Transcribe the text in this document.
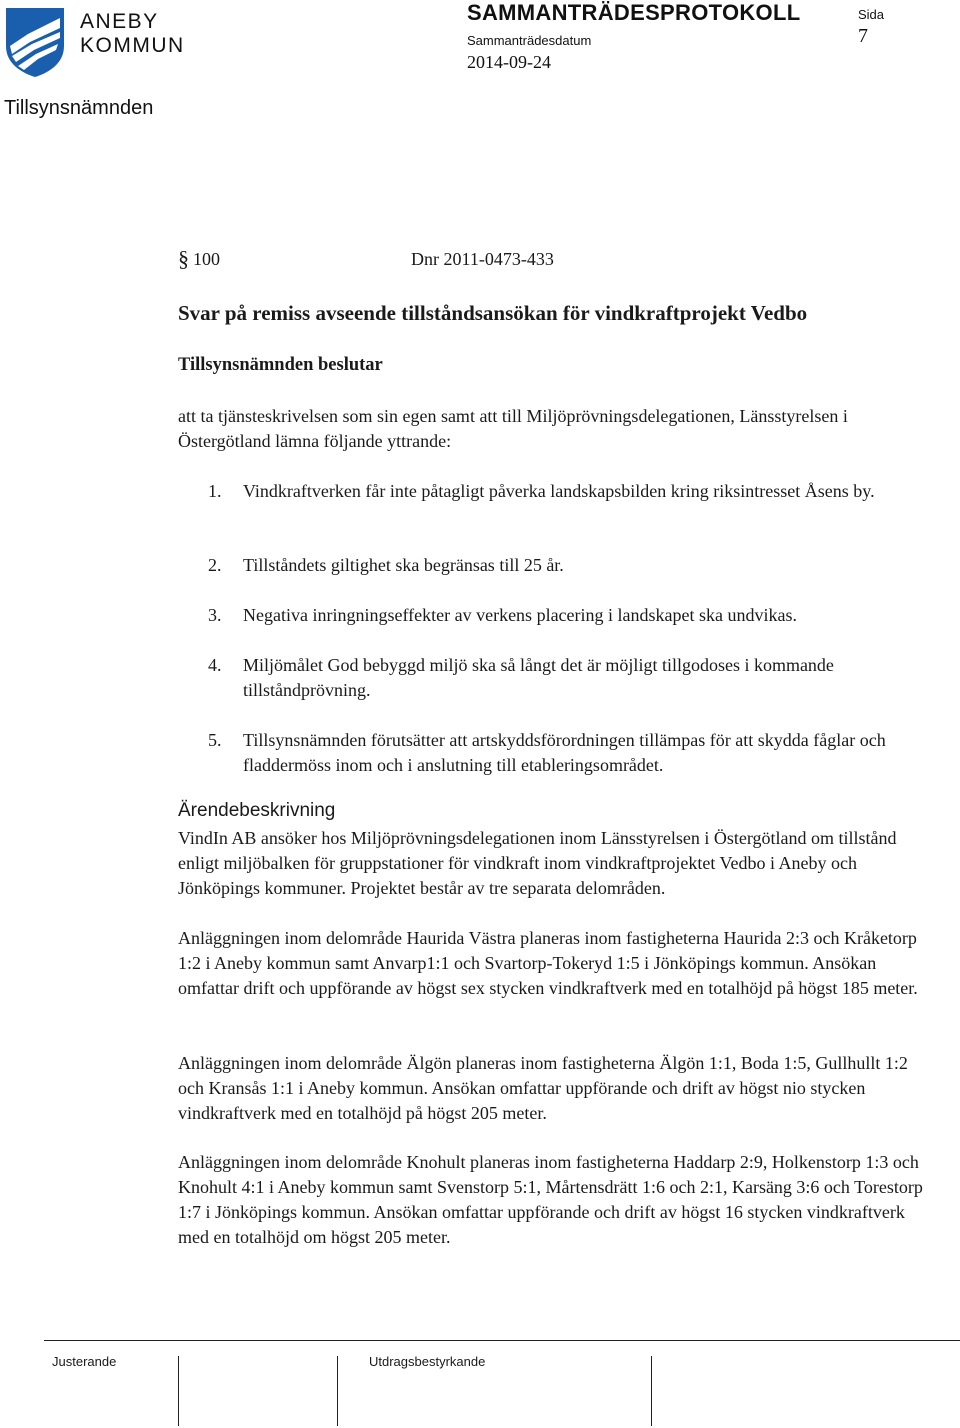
ANEBY
KOMMUN
Tillsynsnämnden
SAMMANTRÄDESPROTOKOLL
Sammanträdesdatum
2014-09-24
Sida
7
§ 100	Dnr 2011-0473-433
Svar på remiss avseende tillståndsansökan för vindkraftprojekt Vedbo
Tillsynsnämnden beslutar
att ta tjänsteskrivelsen som sin egen samt att till Miljöprövningsdelegationen, Länsstyrelsen i Östergötland lämna följande yttrande:
1. Vindkraftverken får inte påtagligt påverka landskapsbilden kring riksintresset Åsens by.
2. Tillståndets giltighet ska begränsas till 25 år.
3. Negativa inringningseffekter av verkens placering i landskapet ska undvikas.
4. Miljömålet God bebyggd miljö ska så långt det är möjligt tillgodoses i kommande tillståndprövning.
5. Tillsynsnämnden förutsätter att artskyddsförordningen tillämpas för att skydda fåglar och fladdermöss inom och i anslutning till etableringsområdet.
Ärendebeskrivning
VindIn AB ansöker hos Miljöprövningsdelegationen inom Länsstyrelsen i Östergötland om tillstånd enligt miljöbalken för gruppstationer för vindkraft inom vindkraftprojektet Vedbo i Aneby och Jönköpings kommuner. Projektet består av tre separata delområden.
Anläggningen inom delområde Haurida Västra planeras inom fastigheterna Haurida 2:3 och Kråketorp 1:2 i Aneby kommun samt Anvarp1:1 och Svartorp-Tokeryd 1:5 i Jönköpings kommun. Ansökan omfattar drift och uppförande av högst sex stycken vindkraftverk med en totalhöjd på högst 185 meter.
Anläggningen inom delområde Älgön planeras inom fastigheterna Älgön 1:1, Boda 1:5, Gullhullt 1:2 och Kransås 1:1 i Aneby kommun. Ansökan omfattar uppförande och drift av högst nio stycken vindkraftverk med en totalhöjd på högst 205 meter.
Anläggningen inom delområde Knohult planeras inom fastigheterna Haddarp 2:9, Holkenstorp 1:3 och Knohult 4:1 i Aneby kommun samt Svenstorp 5:1, Mårtensdrätt 1:6 och 2:1, Karsäng 3:6 och Torestorp 1:7 i Jönköpings kommun. Ansökan omfattar uppförande och drift av högst 16 stycken vindkraftverk med en totalhöjd om högst 205 meter.
Justerande	Utdragsbestyrkande
